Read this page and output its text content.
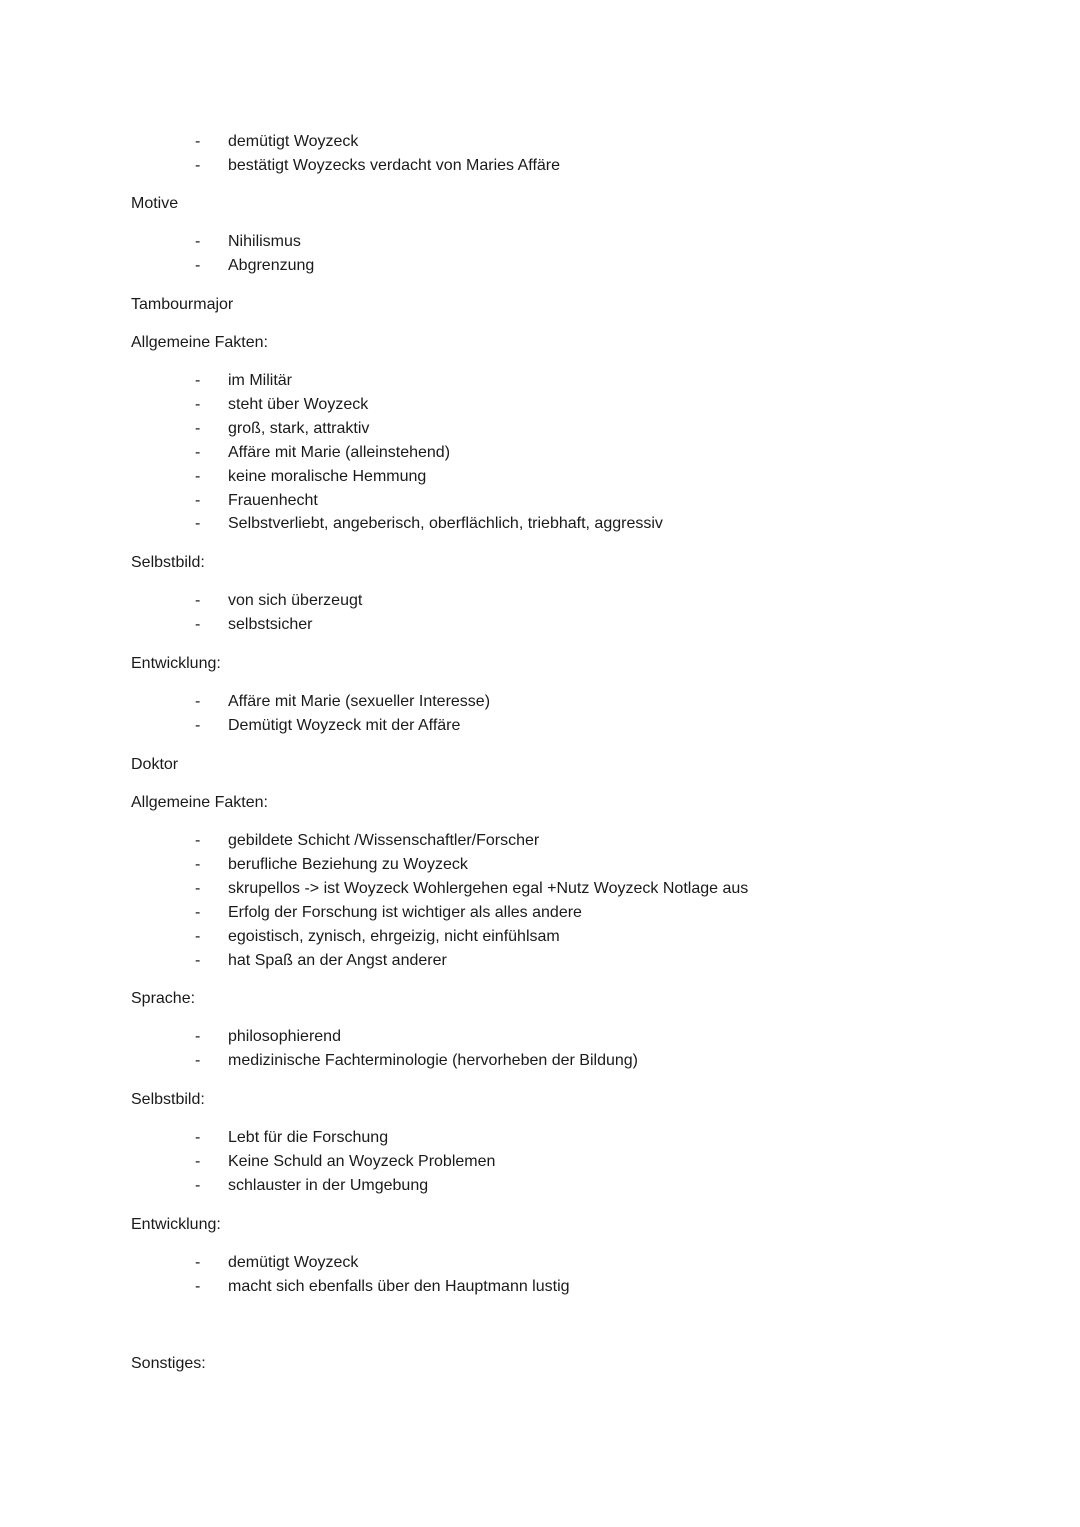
- demütigt Woyzeck
- bestätigt Woyzecks verdacht von Maries Affäre
Motive
- Nihilismus
- Abgrenzung
Tambourmajor
Allgemeine Fakten:
- im Militär
- steht über Woyzeck
- groß, stark, attraktiv
- Affäre mit Marie (alleinstehend)
- keine moralische Hemmung
- Frauenhecht
- Selbstverliebt, angeberisch, oberflächlich, triebhaft, aggressiv
Selbstbild:
- von sich überzeugt
- selbstsicher
Entwicklung:
- Affäre mit Marie (sexueller Interesse)
- Demütigt Woyzeck mit der Affäre
Doktor
Allgemeine Fakten:
- gebildete Schicht /Wissenschaftler/Forscher
- berufliche Beziehung zu Woyzeck
- skrupellos -> ist Woyzeck Wohlergehen egal +Nutz Woyzeck Notlage aus
- Erfolg der Forschung ist wichtiger als alles andere
- egoistisch, zynisch, ehrgeizig, nicht einfühlsam
- hat Spaß an der Angst anderer
Sprache:
- philosophierend
- medizinische Fachterminologie (hervorheben der Bildung)
Selbstbild:
- Lebt für die Forschung
- Keine Schuld an Woyzeck Problemen
- schlauster in der Umgebung
Entwicklung:
- demütigt Woyzeck
- macht sich ebenfalls über den Hauptmann lustig
Sonstiges:
